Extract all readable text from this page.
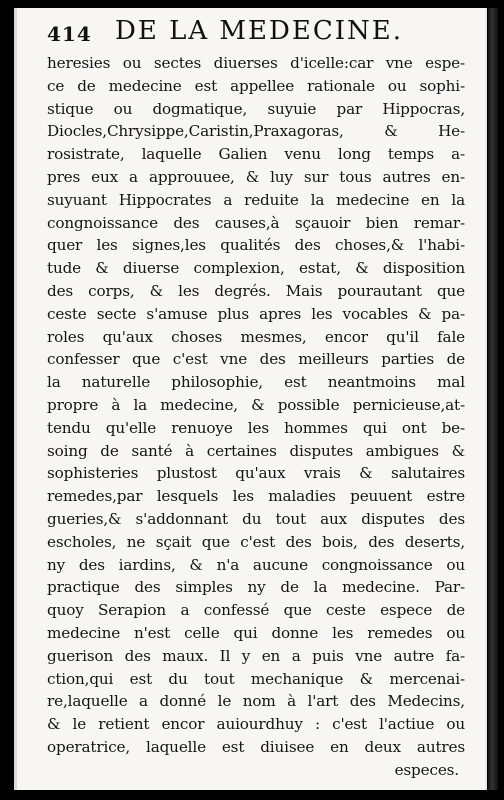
414 DE LA MEDECINE.
heresies ou sectes diuerses d'icelle:car vne espe-
ce de medecine est appellee rationale ou sophi-
stique ou dogmatique, suyuie par Hippocras,
Diocles,Chrysippe,Caristin,Praxagoras, & He-
rosistrate, laquelle Galien venu long temps a-
pres eux a approuuee, & luy sur tous autres en-
suyuant Hippocrates a reduite la medecine en la
congnoissance des causes,à sçauoir bien remar-
quer les signes,les qualités des choses,& l'habi-
tude & diuerse complexion, estat, & disposition
des corps, & les degrés. Mais pourautant que
ceste secte s'amuse plus apres les vocables & pa-
roles qu'aux choses mesmes, encor qu'il fale
confesser que c'est vne des meilleurs parties de
la naturelle philosophie, est neantmoins mal
propre à la medecine, & possible pernicieuse,at-
tendu qu'elle renuoye les hommes qui ont be-
soing de santé à certaines disputes ambigues &
sophisteries plustost qu'aux vrais & salutaires
remedes,par lesquels les maladies peuuent estre
gueries,& s'addonnant du tout aux disputes des
escholes, ne sçait que c'est des bois, des deserts,
ny des iardins, & n'a aucune congnoissance ou
practique des simples ny de la medecine. Par-
quoy Serapion a confessé que ceste espece de
medecine n'est celle qui donne les remedes ou
guerison des maux. Il y en a puis vne autre fa-
ction,qui est du tout mechanique & mercenai-
re,laquelle a donné le nom à l'art des Medecins,
& le retient encor auiourdhuy : c'est l'actiue ou
operatrice, laquelle est diuisee en deux autres
especes.
